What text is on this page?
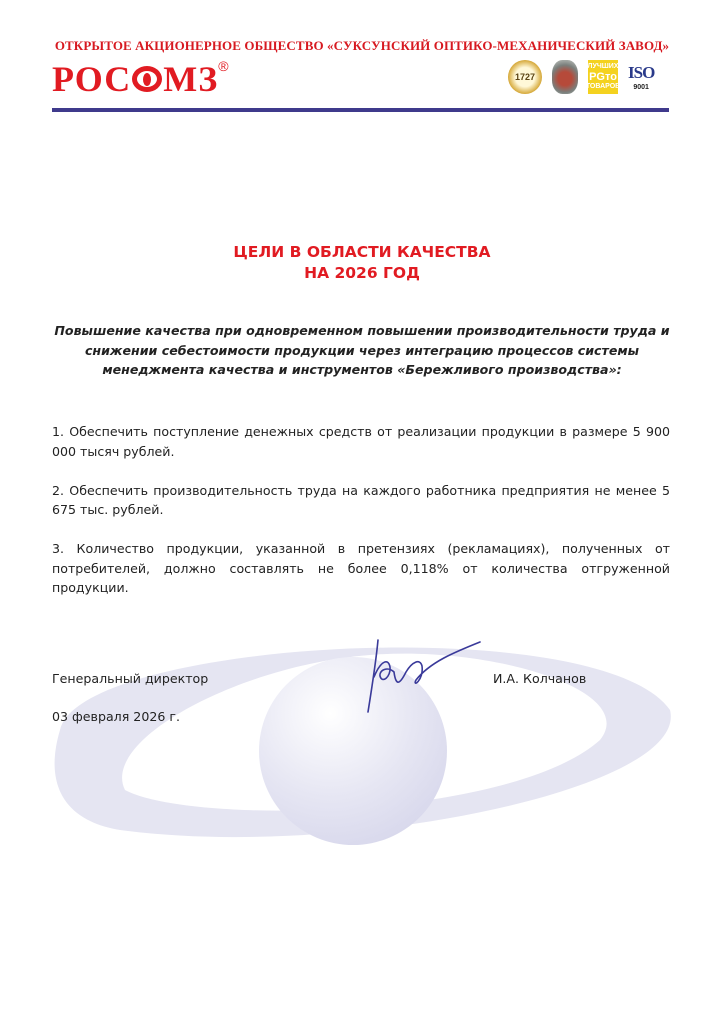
ОТКРЫТОЕ АКЦИОНЕРНОЕ ОБЩЕСТВО «СУКСУНСКИЙ ОПТИКО-МЕХАНИЧЕСКИЙ ЗАВОД»
РОС МЗ ®
1727
ЛУЧШИХ
PGто
ТОВАРОВ
ISO
9001
ЦЕЛИ В ОБЛАСТИ КАЧЕСТВА
НА 2026 ГОД
Повышение качества при одновременном повышении производительности труда и снижении себестоимости продукции через интеграцию процессов системы менеджмента качества и инструментов «Бережливого производства»:

1. Обеспечить поступление денежных средств от реализации продукции в размере 5 900 000 тысяч рублей.

2. Обеспечить производительность труда на каждого работника предприятия не менее 5 675 тыс. рублей.

3. Количество продукции, указанной в претензиях (рекламациях), полученных от потребителей, должно составлять не более 0,118% от количества отгруженной продукции.

Генеральный директор	И.А. Колчанов
03 февраля 2026 г.
